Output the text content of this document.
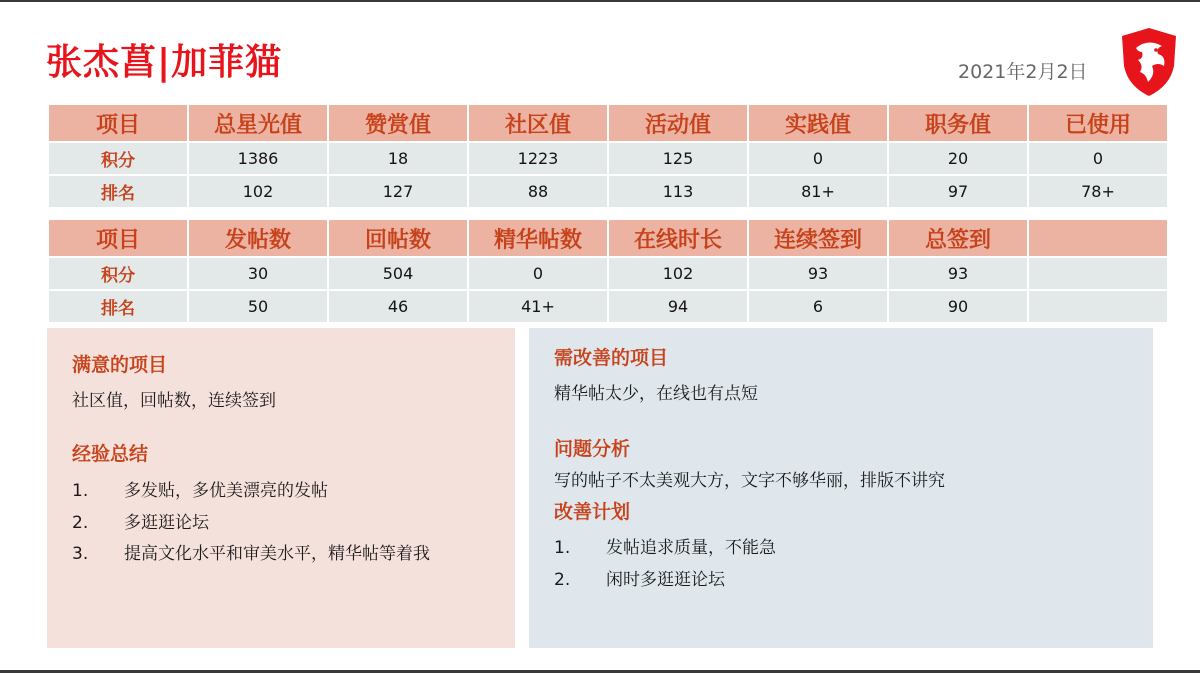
张杰菖|加菲猫	2021年2月2日
项目	总星光值	赞赏值	社区值	活动值	实践值	职务值	已使用
积分	1386	18	1223	125	0	20	0
排名	102	127	88	113	81+	97	78+
项目	发帖数	回帖数	精华帖数	在线时长	连续签到	总签到	
积分	30	504	0	102	93	93	
排名	50	46	41+	94	6	90	
满意的项目
社区值，回帖数，连续签到
经验总结
1. 多发贴，多优美漂亮的发帖
2. 多逛逛论坛
3. 提高文化水平和审美水平，精华帖等着我
需改善的项目
精华帖太少，在线也有点短
问题分析
写的帖子不太美观大方，文字不够华丽，排版不讲究
改善计划
1. 发帖追求质量，不能急
2. 闲时多逛逛论坛
